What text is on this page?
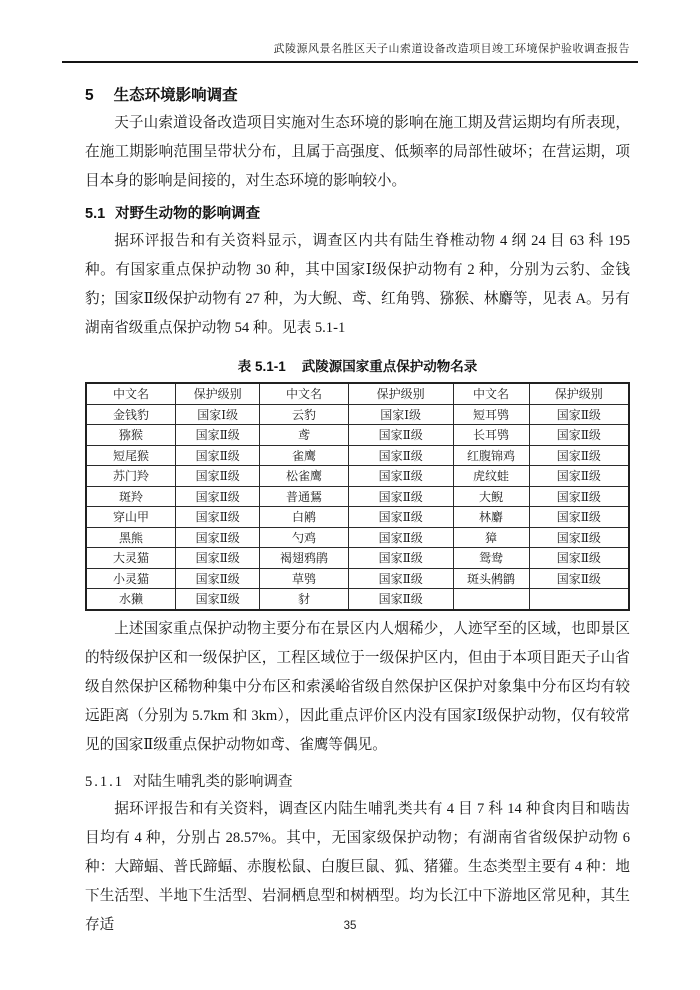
武陵源风景名胜区天子山索道设备改造项目竣工环境保护验收调查报告
5 生态环境影响调查

天子山索道设备改造项目实施对生态环境的影响在施工期及营运期均有所表现，在施工期影响范围呈带状分布，且属于高强度、低频率的局部性破坏；在营运期，项目本身的影响是间接的，对生态环境的影响较小。

5.1 对野生动物的影响调查

据环评报告和有关资料显示，调查区内共有陆生脊椎动物 4 纲 24 目 63 科 195 种。有国家重点保护动物 30 种，其中国家Ⅰ级保护动物有 2 种，分别为云豹、金钱豹；国家Ⅱ级保护动物有 27 种，为大鲵、鸢、红角鸮、猕猴、林麝等，见表 A。另有湖南省级重点保护动物 54 种。见表 5.1-1

表 5.1-1 武陵源国家重点保护动物名录
中文名	保护级别	中文名	保护级别	中文名	保护级别
金钱豹	国家Ⅰ级	云豹	国家Ⅰ级	短耳鸮	国家Ⅱ级
猕猴	国家Ⅱ级	鸢	国家Ⅱ级	长耳鸮	国家Ⅱ级
短尾猴	国家Ⅱ级	雀鹰	国家Ⅱ级	红腹锦鸡	国家Ⅱ级
苏门羚	国家Ⅱ级	松雀鹰	国家Ⅱ级	虎纹蛙	国家Ⅱ级
斑羚	国家Ⅱ级	普通鵟	国家Ⅱ级	大鲵	国家Ⅱ级
穿山甲	国家Ⅱ级	白鹇	国家Ⅱ级	林麝	国家Ⅱ级
黑熊	国家Ⅱ级	勺鸡	国家Ⅱ级	獐	国家Ⅱ级
大灵猫	国家Ⅱ级	褐翅鸦鹃	国家Ⅱ级	鸳鸯	国家Ⅱ级
小灵猫	国家Ⅱ级	草鸮	国家Ⅱ级	斑头鸺鹠	国家Ⅱ级
水獭	国家Ⅱ级	豺	国家Ⅱ级		

上述国家重点保护动物主要分布在景区内人烟稀少，人迹罕至的区域，也即景区的特级保护区和一级保护区，工程区域位于一级保护区内，但由于本项目距天子山省级自然保护区稀物种集中分布区和索溪峪省级自然保护区保护对象集中分布区均有较远距离（分别为 5.7km 和 3km），因此重点评价区内没有国家Ⅰ级保护动物，仅有较常见的国家Ⅱ级重点保护动物如鸢、雀鹰等偶见。

5.1.1 对陆生哺乳类的影响调查

据环评报告和有关资料，调查区内陆生哺乳类共有 4 目 7 科 14 种食肉目和啮齿目均有 4 种，分别占 28.57%。其中，无国家级保护动物；有湖南省省级保护动物 6 种：大蹄蝠、普氏蹄蝠、赤腹松鼠、白腹巨鼠、狐、猪獾。生态类型主要有 4 种：地下生活型、半地下生活型、岩洞栖息型和树栖型。均为长江中下游地区常见种，其生存适	35
